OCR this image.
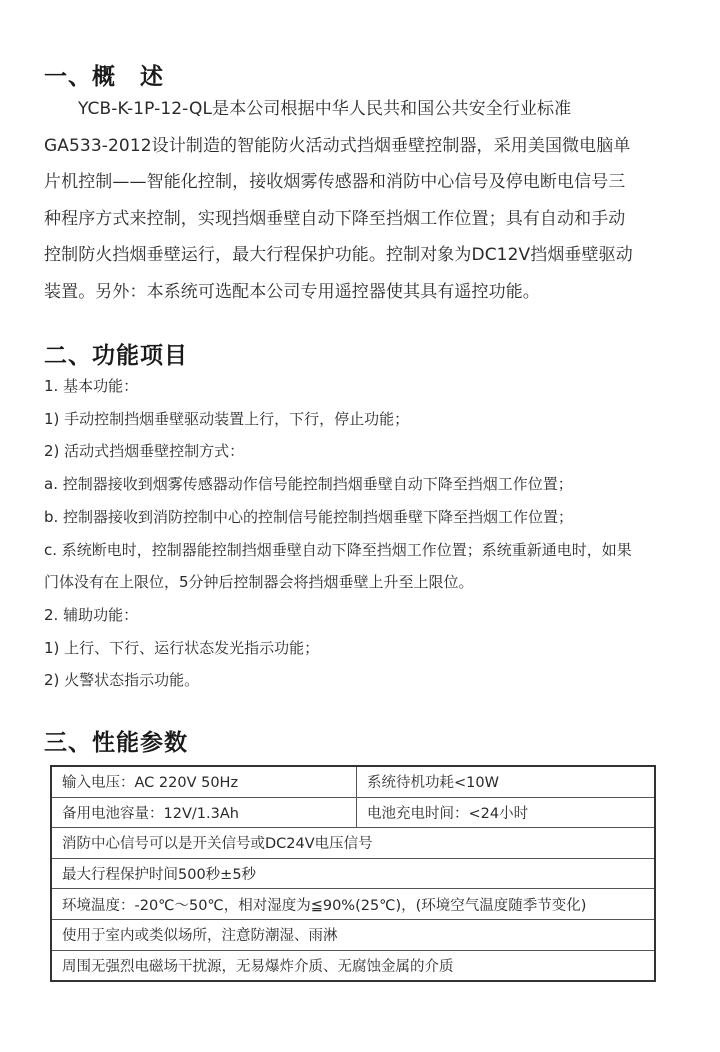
一、概　述
YCB-K-1P-12-QL是本公司根据中华人民共和国公共安全行业标准
GA533-2012设计制造的智能防火活动式挡烟垂壁控制器，采用美国微电脑单
片机控制——智能化控制，接收烟雾传感器和消防中心信号及停电断电信号三
种程序方式来控制，实现挡烟垂壁自动下降至挡烟工作位置；具有自动和手动
控制防火挡烟垂壁运行，最大行程保护功能。控制对象为DC12V挡烟垂壁驱动
装置。另外：本系统可选配本公司专用遥控器使其具有遥控功能。
二、功能项目
1. 基本功能：
1) 手动控制挡烟垂壁驱动装置上行，下行，停止功能；
2) 活动式挡烟垂壁控制方式：
a. 控制器接收到烟雾传感器动作信号能控制挡烟垂壁自动下降至挡烟工作位置；
b. 控制器接收到消防控制中心的控制信号能控制挡烟垂壁下降至挡烟工作位置；
c. 系统断电时，控制器能控制挡烟垂壁自动下降至挡烟工作位置；系统重新通电时，如果
门体没有在上限位，5分钟后控制器会将挡烟垂壁上升至上限位。
2. 辅助功能：
1) 上行、下行、运行状态发光指示功能；
2) 火警状态指示功能。
三、性能参数
输入电压：AC 220V 50Hz	系统待机功耗<10W
备用电池容量：12V/1.3Ah	电池充电时间：<24小时
消防中心信号可以是开关信号或DC24V电压信号	
最大行程保护时间500秒±5秒	
环境温度：-20℃～50℃，相对湿度为≦90%(25℃)，(环境空气温度随季节变化)	
使用于室内或类似场所，注意防潮湿、雨淋	
周围无强烈电磁场干扰源，无易爆炸介质、无腐蚀金属的介质	
